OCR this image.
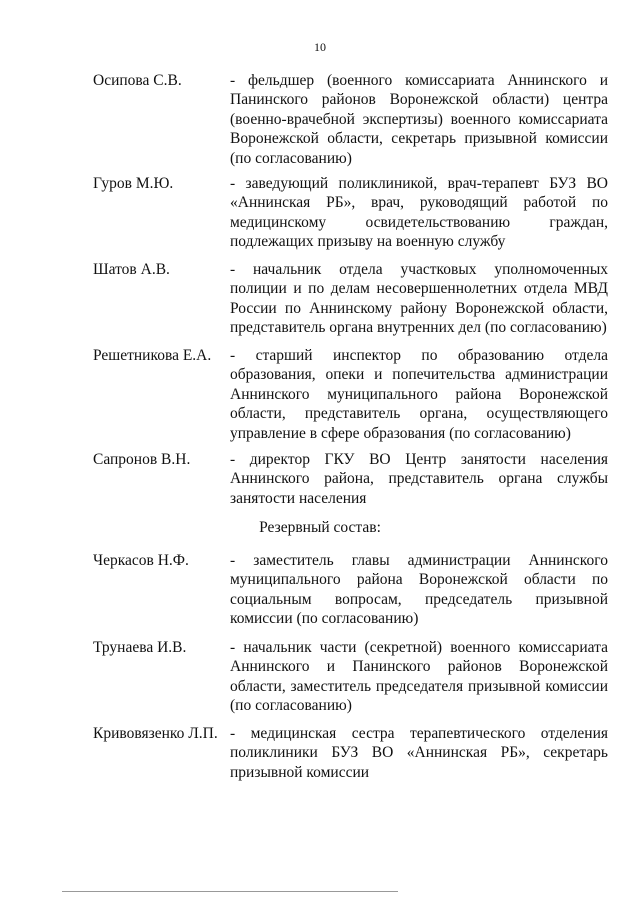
10
Осипова С.В.	- фельдшер (военного комиссариата Аннинского и Панинского районов Воронежской области) центра (военно-врачебной экспертизы) военного комиссариата Воронежской области, секретарь призывной комиссии (по согласованию)
Гуров М.Ю.	- заведующий поликлиникой, врач-терапевт БУЗ ВО «Аннинская РБ», врач, руководящий работой по медицинскому освидетельствованию граждан, подлежащих призыву на военную службу
Шатов А.В.	- начальник отдела участковых уполномоченных полиции и по делам несовершеннолетних отдела МВД России по Аннинскому району Воронежской области, представитель органа внутренних дел (по согласованию)
Решетникова Е.А. - старший инспектор по образованию отдела образования, опеки и попечительства администрации Аннинского муниципального района Воронежской области, представитель органа, осуществляющего управление в сфере образования (по согласованию)
Сапронов В.Н.	- директор ГКУ ВО Центр занятости населения Аннинского района, представитель органа службы занятости населения
Резервный состав:
Черкасов Н.Ф.	- заместитель главы администрации Аннинского муниципального района Воронежской области по социальным вопросам, председатель призывной комиссии (по согласованию)
Трунаева И.В.	- начальник части (секретной) военного комиссариата Аннинского и Панинского районов Воронежской области, заместитель председателя призывной комиссии (по согласованию)
Кривовязенко Л.П. - медицинская сестра терапевтического отделения поликлиники БУЗ ВО «Аннинская РБ», секретарь призывной комиссии
